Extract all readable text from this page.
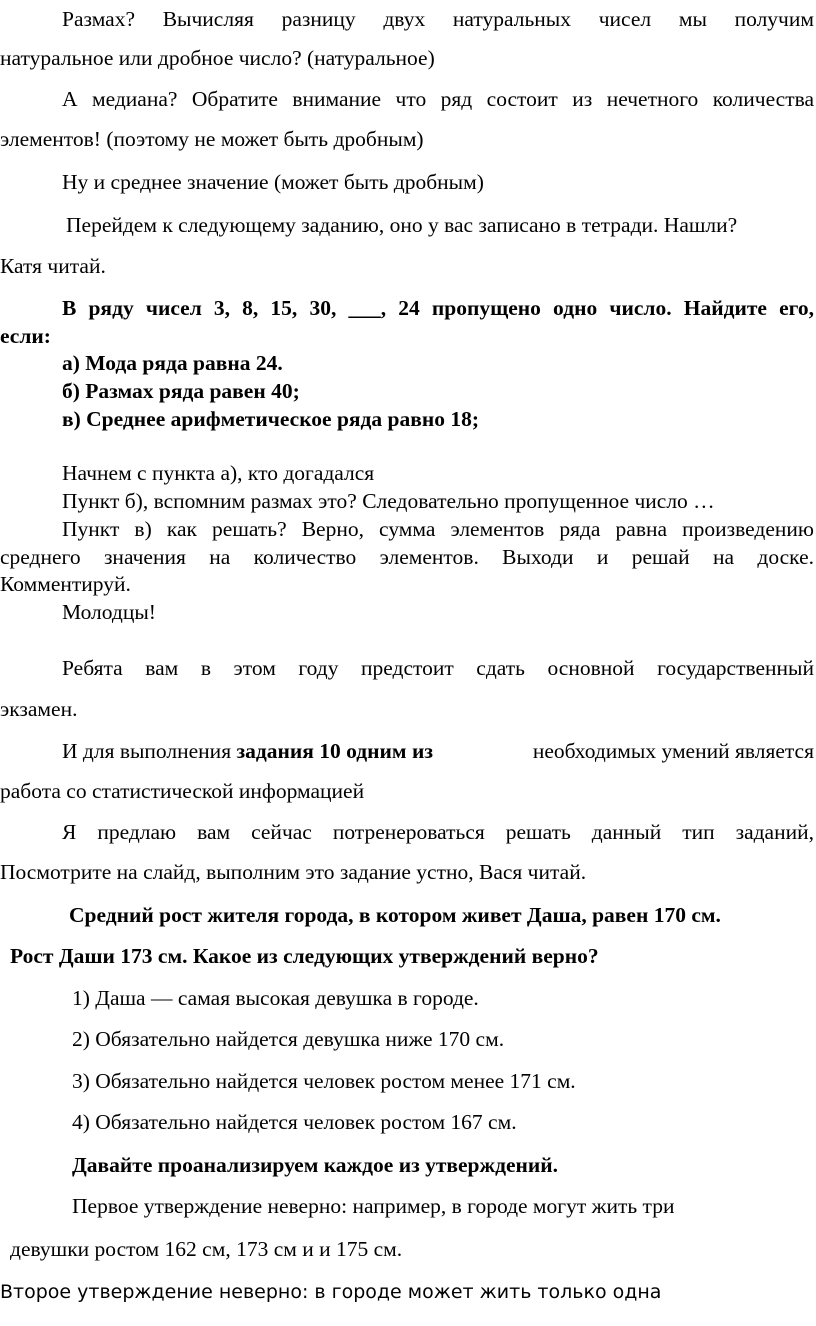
Размах? Вычисляя разницу двух натуральных чисел мы получим
натуральное или дробное число? (натуральное)
А медиана? Обратите внимание что ряд состоит из нечетного количества
элементов! (поэтому не может быть дробным)
Ну и среднее значение (может быть дробным)
Перейдем к следующему заданию, оно у вас записано в тетради. Нашли?
Катя читай.
В ряду чисел 3, 8, 15, 30, ___, 24 пропущено одно число. Найдите его,
если:
а) Мода ряда равна 24.
б) Размах ряда равен 40;
в) Среднее арифметическое ряда равно 18;
Начнем с пункта а), кто догадался
Пункт б), вспомним размах это? Следовательно пропущенное число …
Пункт в) как решать? Верно, сумма элементов ряда равна произведению
среднего значения на количество элементов. Выходи и решай на доске.
Комментируй.
Молодцы!
Ребята вам в этом году предстоит сдать основной государственный
экзамен.
И для выполнения задания 10 одним из	необходимых умений является
работа со статистической информацией
Я предлаю вам сейчас потренероваться решать данный тип заданий,
Посмотрите на слайд, выполним это задание устно, Вася читай.
Средний рост жителя города, в котором живет Даша, равен 170 см.
Рост Даши 173 см. Какое из следующих утверждений верно?
1) Даша — самая высокая девушка в городе.
2) Обязательно найдется девушка ниже 170 см.
3) Обязательно найдется человек ростом менее 171 см.
4) Обязательно найдется человек ростом 167 см.
Давайте проанализируем каждое из утверждений.
Первое утверждение неверно: например, в городе могут жить три
девушки ростом 162 см, 173 см и и 175 см.
Второе утверждение неверно: в городе может жить только одна
